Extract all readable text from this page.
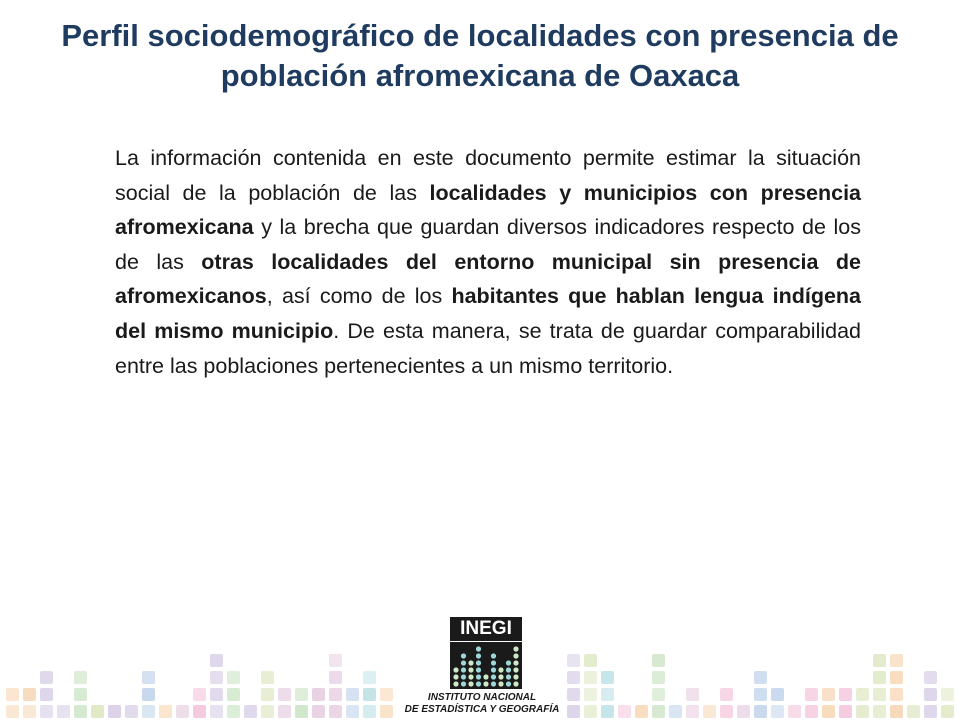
Perfil sociodemográfico de localidades con presencia de población afromexicana de Oaxaca

La información contenida en este documento permite estimar la situación social de la población de las localidades y municipios con presencia afromexicana y la brecha que guardan diversos indicadores respecto de los de las otras localidades del entorno municipal sin presencia de afromexicanos, así como de los habitantes que hablan lengua indígena del mismo municipio. De esta manera, se trata de guardar comparabilidad entre las poblaciones pertenecientes a un mismo territorio.

INEGI
INSTITUTO NACIONAL
DE ESTADÍSTICA Y GEOGRAFÍA
